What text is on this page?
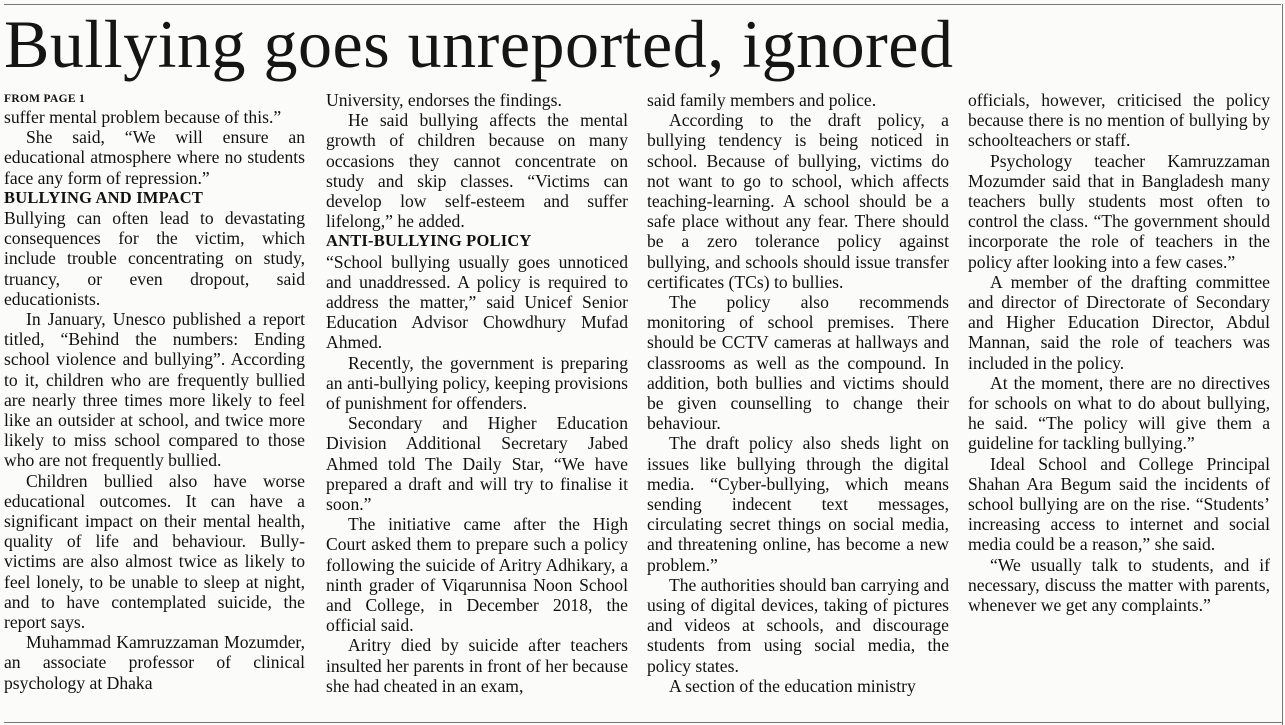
Bullying goes unreported, ignored
FROM PAGE 1

suffer mental problem because of this.”

She said, “We will ensure an educational atmosphere where no students face any form of repression.”

BULLYING AND IMPACT

Bullying can often lead to devastating consequences for the victim, which include trouble concentrating on study, truancy, or even dropout, said educationists.

In January, Unesco published a report titled, “Behind the numbers: Ending school violence and bullying”. According to it, children who are frequently bullied are nearly three times more likely to feel like an outsider at school, and twice more likely to miss school compared to those who are not frequently bullied.

Children bullied also have worse educational outcomes. It can have a significant impact on their mental health, quality of life and behaviour. Bully-victims are also almost twice as likely to feel lonely, to be unable to sleep at night, and to have contemplated suicide, the report says.

Muhammad Kamruzzaman Mozumder, an associate professor of clinical psychology at Dhaka

University, endorses the findings.

He said bullying affects the mental growth of children because on many occasions they cannot concentrate on study and skip classes. “Victims can develop low self-esteem and suffer lifelong,” he added.

ANTI-BULLYING POLICY

“School bullying usually goes unnoticed and unaddressed. A policy is required to address the matter,” said Unicef Senior Education Advisor Chowdhury Mufad Ahmed.

Recently, the government is preparing an anti-bullying policy, keeping provisions of punishment for offenders.

Secondary and Higher Education Division Additional Secretary Jabed Ahmed told The Daily Star, “We have prepared a draft and will try to finalise it soon.”

The initiative came after the High Court asked them to prepare such a policy following the suicide of Aritry Adhikary, a ninth grader of Viqarunnisa Noon School and College, in December 2018, the official said.

Aritry died by suicide after teachers insulted her parents in front of her because she had cheated in an exam,

said family members and police.

According to the draft policy, a bullying tendency is being noticed in school. Because of bullying, victims do not want to go to school, which affects teaching-learning. A school should be a safe place without any fear. There should be a zero tolerance policy against bullying, and schools should issue transfer certificates (TCs) to bullies.

The policy also recommends monitoring of school premises. There should be CCTV cameras at hallways and classrooms as well as the compound. In addition, both bullies and victims should be given counselling to change their behaviour.

The draft policy also sheds light on issues like bullying through the digital media. “Cyber-bullying, which means sending indecent text messages, circulating secret things on social media, and threatening online, has become a new problem.”

The authorities should ban carrying and using of digital devices, taking of pictures and videos at schools, and discourage students from using social media, the policy states.

A section of the education ministry

officials, however, criticised the policy because there is no mention of bullying by schoolteachers or staff.

Psychology teacher Kamruzzaman Mozumder said that in Bangladesh many teachers bully students most often to control the class. “The government should incorporate the role of teachers in the policy after looking into a few cases.”

A member of the drafting committee and director of Directorate of Secondary and Higher Education Director, Abdul Mannan, said the role of teachers was included in the policy.

At the moment, there are no directives for schools on what to do about bullying, he said. “The policy will give them a guideline for tackling bullying.”

Ideal School and College Principal Shahan Ara Begum said the incidents of school bullying are on the rise. “Students’ increasing access to internet and social media could be a reason,” she said.

“We usually talk to students, and if necessary, discuss the matter with parents, whenever we get any complaints.”
